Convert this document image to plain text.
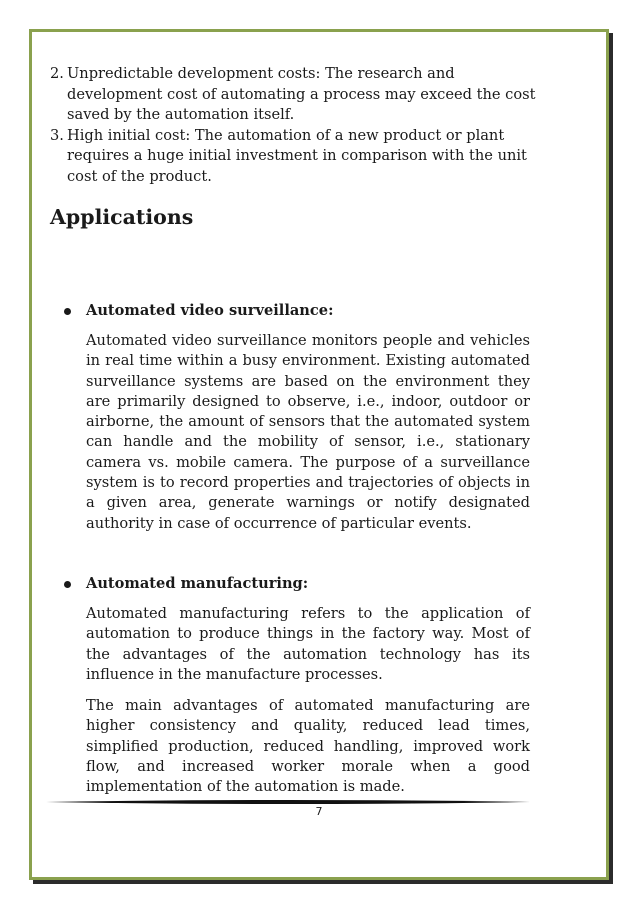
2. Unpredictable development costs: The research and development cost of automating a process may exceed the cost saved by the automation itself.
3. High initial cost: The automation of a new product or plant requires a huge initial investment in comparison with the unit cost of the product.
Applications
Automated video surveillance:

Automated video surveillance monitors people and vehicles in real time within a busy environment. Existing automated surveillance systems are based on the environment they are primarily designed to observe, i.e., indoor, outdoor or airborne, the amount of sensors that the automated system can handle and the mobility of sensor, i.e., stationary camera vs. mobile camera. The purpose of a surveillance system is to record properties and trajectories of objects in a given area, generate warnings or notify designated authority in case of occurrence of particular events.

Automated manufacturing:

Automated manufacturing refers to the application of automation to produce things in the factory way. Most of the advantages of the automation technology has its influence in the manufacture processes.

The main advantages of automated manufacturing are higher consistency and quality, reduced lead times, simplified production, reduced handling, improved work flow, and increased worker morale when a good implementation of the automation is made.

7
